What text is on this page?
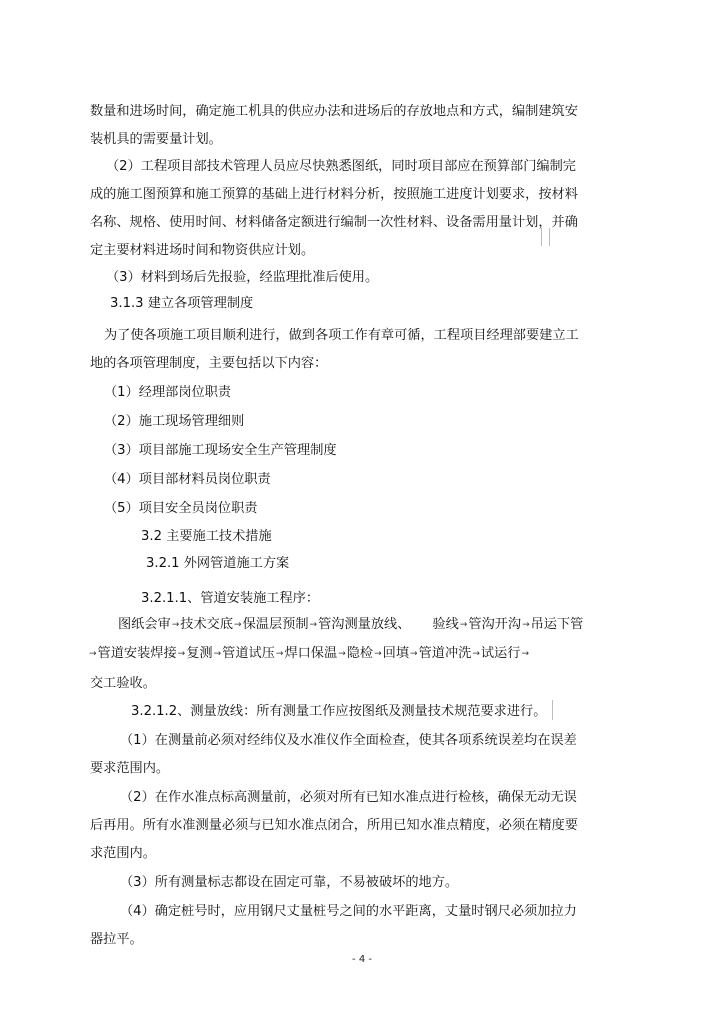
数量和进场时间，确定施工机具的供应办法和进场后的存放地点和方式，编制建筑安
装机具的需要量计划。
（2）工程项目部技术管理人员应尽快熟悉图纸，同时项目部应在预算部门编制完
成的施工图预算和施工预算的基础上进行材料分析，按照施工进度计划要求，按材料
名称、规格、使用时间、材料储备定额进行编制一次性材料、设备需用量计划，并确
定主要材料进场时间和物资供应计划。
（3）材料到场后先报验，经监理批准后使用。
3.1.3 建立各项管理制度
为了使各项施工项目顺利进行，做到各项工作有章可循，工程项目经理部要建立工
地的各项管理制度，主要包括以下内容：
（1）经理部岗位职责
（2）施工现场管理细则
（3）项目部施工现场安全生产管理制度
（4）项目部材料员岗位职责
（5）项目安全员岗位职责
3.2 主要施工技术措施
3.2.1 外网管道施工方案
3.2.1.1、管道安装施工程序：
图纸会审→技术交底→保温层预制→管沟测量放线、 验线→管沟开沟→吊运下管
→管道安装焊接→复测→管道试压→焊口保温→隐检→回填→管道冲洗→试运行→
交工验收。
3.2.1.2、测量放线：所有测量工作应按图纸及测量技术规范要求进行。
（1）在测量前必须对经纬仪及水准仪作全面检查，使其各项系统误差均在误差
要求范围内。
（2）在作水准点标高测量前，必须对所有已知水准点进行检核，确保无动无误
后再用。所有水准测量必须与已知水准点闭合，所用已知水准点精度，必须在精度要
求范围内。
（3）所有测量标志都设在固定可靠，不易被破坏的地方。
（4）确定桩号时，应用钢尺丈量桩号之间的水平距离，丈量时钢尺必须加拉力
器拉平。
- 4 -
